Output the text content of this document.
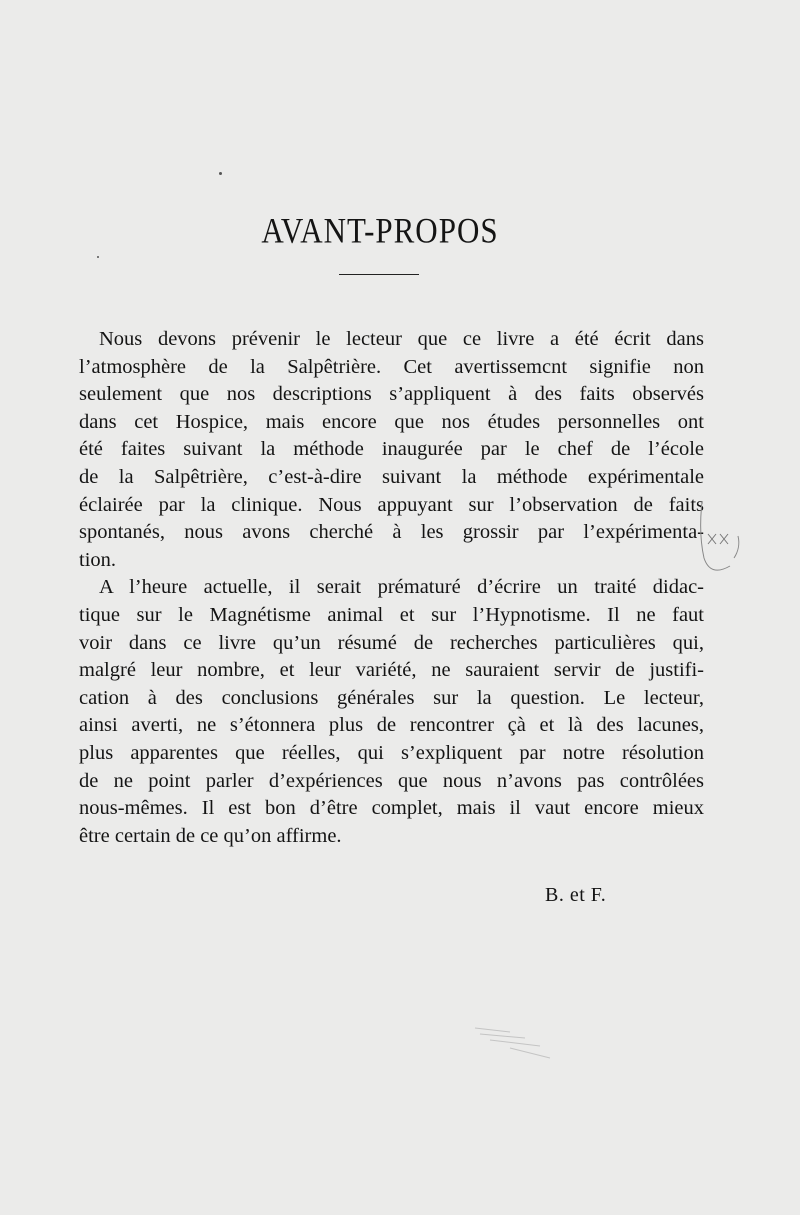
AVANT-PROPOS

Nous devons prévenir le lecteur que ce livre a été écrit dans
l’atmosphère de la Salpêtrière. Cet avertissemcnt signifie non
seulement que nos descriptions s’appliquent à des faits observés
dans cet Hospice, mais encore que nos études personnelles ont
été faites suivant la méthode inaugurée par le chef de l’école
de la Salpêtrière, c’est-à-dire suivant la méthode expérimentale
éclairée par la clinique. Nous appuyant sur l’observation de faits
spontanés, nous avons cherché à les grossir par l’expérimenta-
tion.

A l’heure actuelle, il serait prématuré d’écrire un traité didac-
tique sur le Magnétisme animal et sur l’Hypnotisme. Il ne faut
voir dans ce livre qu’un résumé de recherches particulières qui,
malgré leur nombre, et leur variété, ne sauraient servir de justifi-
cation à des conclusions générales sur la question. Le lecteur,
ainsi averti, ne s’étonnera plus de rencontrer çà et là des lacunes,
plus apparentes que réelles, qui s’expliquent par notre résolution
de ne point parler d’expériences que nous n’avons pas contrôlées
nous-mêmes. Il est bon d’être complet, mais il vaut encore mieux
être certain de ce qu’on affirme.

B. et F.
